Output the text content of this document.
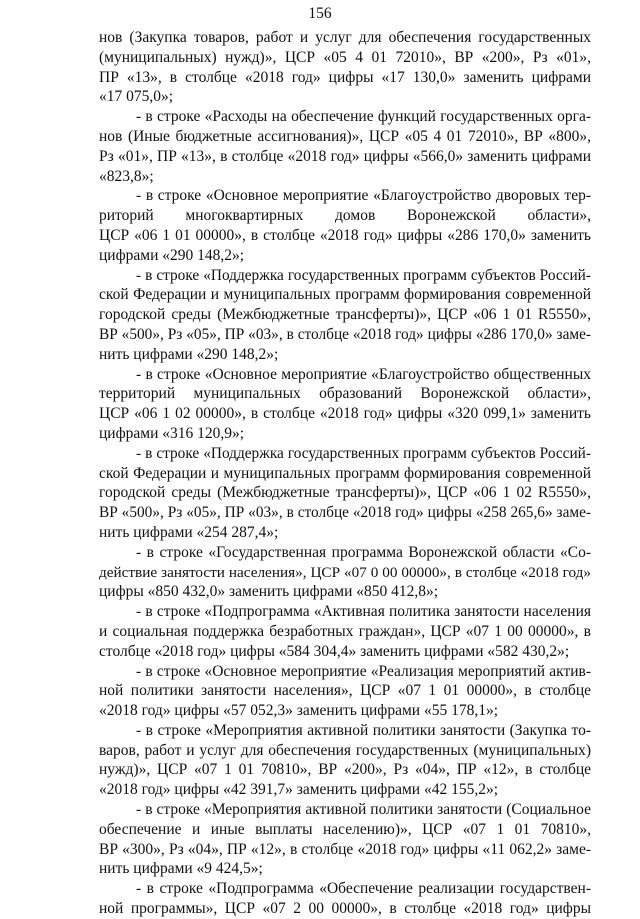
156
нов (Закупка товаров, работ и услуг для обеспечения государственных
(муниципальных) нужд)», ЦСР «05 4 01 72010», ВР «200», Рз «01»,
ПР «13», в столбце «2018 год» цифры «17 130,0» заменить цифрами
«17 075,0»;
- в строке «Расходы на обеспечение функций государственных орга-
нов (Иные бюджетные ассигнования)», ЦСР «05 4 01 72010», ВР «800»,
Рз «01», ПР «13», в столбце «2018 год» цифры «566,0» заменить цифрами
«823,8»;
- в строке «Основное мероприятие «Благоустройство дворовых тер-
риторий многоквартирных домов Воронежской области»,
ЦСР «06 1 01 00000», в столбце «2018 год» цифры «286 170,0» заменить
цифрами «290 148,2»;
- в строке «Поддержка государственных программ субъектов Россий-
ской Федерации и муниципальных программ формирования современной
городской среды (Межбюджетные трансферты)», ЦСР «06 1 01 R5550»,
ВР «500», Рз «05», ПР «03», в столбце «2018 год» цифры «286 170,0» заме-
нить цифрами «290 148,2»;
- в строке «Основное мероприятие «Благоустройство общественных
территорий муниципальных образований Воронежской области»,
ЦСР «06 1 02 00000», в столбце «2018 год» цифры «320 099,1» заменить
цифрами «316 120,9»;
- в строке «Поддержка государственных программ субъектов Россий-
ской Федерации и муниципальных программ формирования современной
городской среды (Межбюджетные трансферты)», ЦСР «06 1 02 R5550»,
ВР «500», Рз «05», ПР «03», в столбце «2018 год» цифры «258 265,6» заме-
нить цифрами «254 287,4»;
- в строке «Государственная программа Воронежской области «Со-
действие занятости населения», ЦСР «07 0 00 00000», в столбце «2018 год»
цифры «850 432,0» заменить цифрами «850 412,8»;
- в строке «Подпрограмма «Активная политика занятости населения
и социальная поддержка безработных граждан», ЦСР «07 1 00 00000», в
столбце «2018 год» цифры «584 304,4» заменить цифрами «582 430,2»;
- в строке «Основное мероприятие «Реализация мероприятий актив-
ной политики занятости населения», ЦСР «07 1 01 00000», в столбце
«2018 год» цифры «57 052,3» заменить цифрами «55 178,1»;
- в строке «Мероприятия активной политики занятости (Закупка то-
варов, работ и услуг для обеспечения государственных (муниципальных)
нужд)», ЦСР «07 1 01 70810», ВР «200», Рз «04», ПР «12», в столбце
«2018 год» цифры «42 391,7» заменить цифрами «42 155,2»;
- в строке «Мероприятия активной политики занятости (Социальное
обеспечение и иные выплаты населению)», ЦСР «07 1 01 70810»,
ВР «300», Рз «04», ПР «12», в столбце «2018 год» цифры «11 062,2» заме-
нить цифрами «9 424,5»;
- в строке «Подпрограмма «Обеспечение реализации государствен-
ной программы», ЦСР «07 2 00 00000», в столбце «2018 год» цифры
